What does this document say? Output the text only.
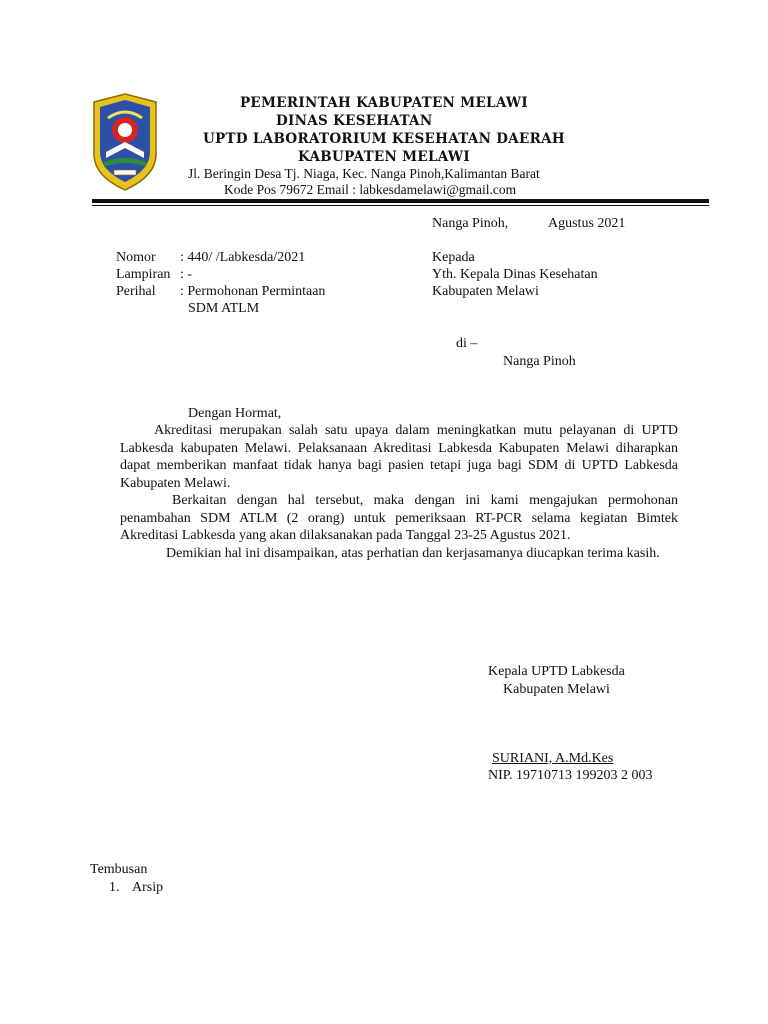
PEMERINTAH KABUPATEN MELAWI
DINAS KESEHATAN
UPTD LABORATORIUM KESEHATAN DAERAH
KABUPATEN MELAWI
Jl. Beringin Desa Tj. Niaga, Kec. Nanga Pinoh,Kalimantan Barat
Kode Pos 79672 Email : labkesdamelawi@gmail.com
Nanga Pinoh,	Agustus 2021
Nomor : 440/ /Labkesda/2021
Lampiran : -
Perihal : Permohonan Permintaan
SDM ATLM
Kepada
Yth. Kepala Dinas Kesehatan
Kabupaten Melawi
di –
Nanga Pinoh
Dengan Hormat,

Akreditasi merupakan salah satu upaya dalam meningkatkan mutu pelayanan di UPTD Labkesda kabupaten Melawi. Pelaksanaan Akreditasi Labkesda Kabupaten Melawi diharapkan dapat memberikan manfaat tidak hanya bagi pasien tetapi juga bagi SDM di UPTD Labkesda Kabupaten Melawi.

Berkaitan dengan hal tersebut, maka dengan ini kami mengajukan permohonan penambahan SDM ATLM (2 orang) untuk pemeriksaan RT-PCR selama kegiatan Bimtek Akreditasi Labkesda yang akan dilaksanakan pada Tanggal 23-25 Agustus 2021.

Demikian hal ini disampaikan, atas perhatian dan kerjasamanya diucapkan terima kasih.

Kepala UPTD Labkesda
Kabupaten Melawi
SURIANI, A.Md.Kes
NIP. 19710713 199203 2 003
Tembusan
1. Arsip
